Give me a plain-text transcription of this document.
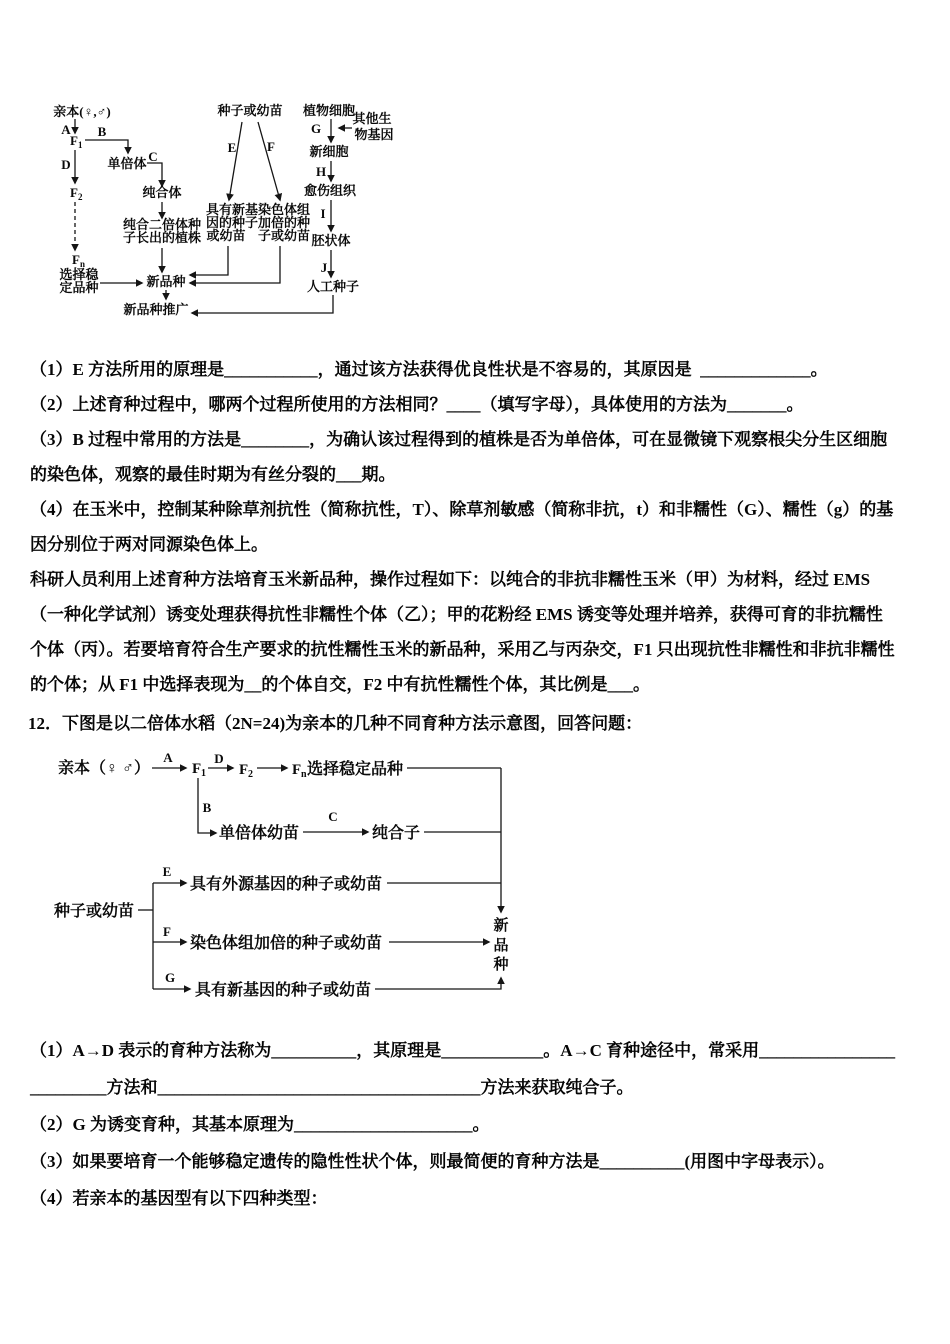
亲本(♀,♂)
A
F 1
B
单倍体 C
纯合体
纯合二倍体种
子长出的植株
D
F 2
F n
选择稳
定品种	新品种
新品种推广
种子或幼苗
E F
具有新基
因的种子
或幼苗
染色体组
加倍的种
子或幼苗
植物细胞
G
其他生
物基因
新细胞
H
愈伤组织
I
胚状体
J
人工种子
（1）E 方法所用的原理是___________，通过该方法获得优良性状是不容易的，其原因是  _____________。
（2）上述育种过程中，哪两个过程所使用的方法相同？____（填写字母），具体使用的方法为_______。
（3）B 过程中常用的方法是________，为确认该过程得到的植株是否为单倍体，可在显微镜下观察根尖分生区细胞
的染色体，观察的最佳时期为有丝分裂的___期。
（4）在玉米中，控制某种除草剂抗性（简称抗性，T）、除草剂敏感（简称非抗，t）和非糯性（G）、糯性（g）的基
因分别位于两对同源染色体上。
科研人员利用上述育种方法培育玉米新品种，操作过程如下：以纯合的非抗非糯性玉米（甲）为材料，经过 EMS
（一种化学试剂）诱变处理获得抗性非糯性个体（乙）；甲的花粉经 EMS 诱变等处理并培养，获得可育的非抗糯性
个体（丙）。若要培育符合生产要求的抗性糯性玉米的新品种，采用乙与丙杂交，F1 只出现抗性非糯性和非抗非糯性
的个体；从 F1 中选择表现为__的个体自交，F2 中有抗性糯性个体，其比例是___。
12．下图是以二倍体水稻（2N=24)为亲本的几种不同育种方法示意图，回答问题：
亲本（♀ ♂）
A
F 1
D
F 2	F n 选择稳定品种
B
单倍体幼苗
C
纯合子
种子或幼苗
E
具有外源基因的种子或幼苗
F
染色体组加倍的种子或幼苗
G
具有新基因的种子或幼苗
新
品
种
（1）A→D 表示的育种方法称为__________，其原理是____________。A→C 育种途径中，常采用________________
_________方法和______________________________________方法来获取纯合子。
（2）G 为诱变育种，其基本原理为_____________________。
（3）如果要培育一个能够稳定遗传的隐性性状个体，则最简便的育种方法是__________(用图中字母表示）。
（4）若亲本的基因型有以下四种类型：
